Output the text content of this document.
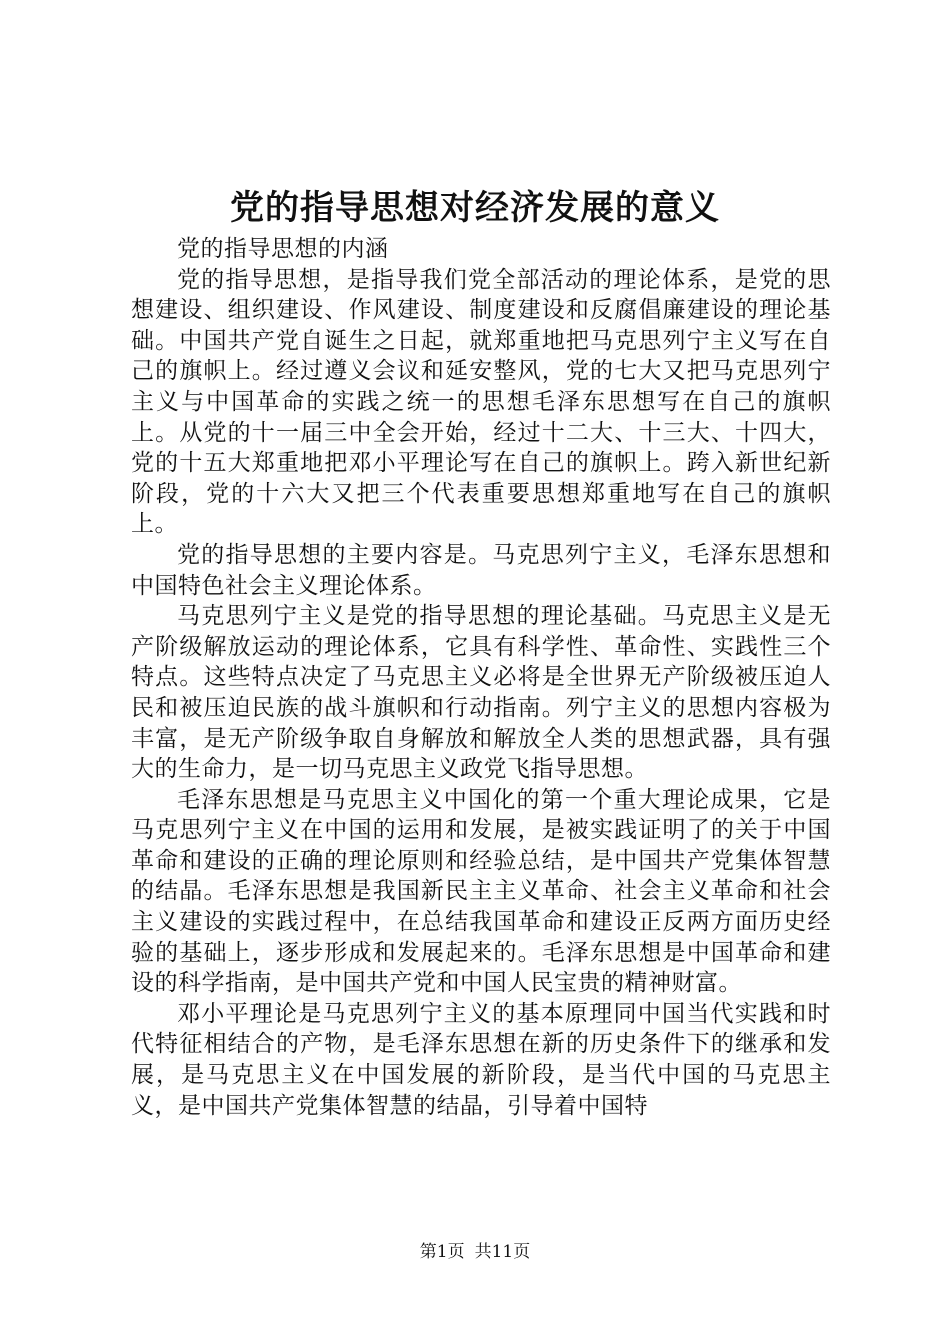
党的指导思想对经济发展的意义

党的指导思想的内涵

党的指导思想，是指导我们党全部活动的理论体系，是党的思想建设、组织建设、作风建设、制度建设和反腐倡廉建设的理论基础。中国共产党自诞生之日起，就郑重地把马克思列宁主义写在自己的旗帜上。经过遵义会议和延安整风，党的七大又把马克思列宁主义与中国革命的实践之统一的思想毛泽东思想写在自己的旗帜上。从党的十一届三中全会开始，经过十二大、十三大、十四大，党的十五大郑重地把邓小平理论写在自己的旗帜上。跨入新世纪新阶段，党的十六大又把三个代表重要思想郑重地写在自己的旗帜上。

党的指导思想的主要内容是。马克思列宁主义，毛泽东思想和中国特色社会主义理论体系。

马克思列宁主义是党的指导思想的理论基础。马克思主义是无产阶级解放运动的理论体系，它具有科学性、革命性、实践性三个特点。这些特点决定了马克思主义必将是全世界无产阶级被压迫人民和被压迫民族的战斗旗帜和行动指南。列宁主义的思想内容极为丰富，是无产阶级争取自身解放和解放全人类的思想武器，具有强大的生命力，是一切马克思主义政党飞指导思想。

毛泽东思想是马克思主义中国化的第一个重大理论成果，它是马克思列宁主义在中国的运用和发展，是被实践证明了的关于中国革命和建设的正确的理论原则和经验总结，是中国共产党集体智慧的结晶。毛泽东思想是我国新民主主义革命、社会主义革命和社会主义建设的实践过程中，在总结我国革命和建设正反两方面历史经验的基础上，逐步形成和发展起来的。毛泽东思想是中国革命和建设的科学指南，是中国共产党和中国人民宝贵的精神财富。

邓小平理论是马克思列宁主义的基本原理同中国当代实践和时代特征相结合的产物，是毛泽东思想在新的历史条件下的继承和发展，是马克思主义在中国发展的新阶段，是当代中国的马克思主义，是中国共产党集体智慧的结晶，引导着中国特

第1页 共11页
